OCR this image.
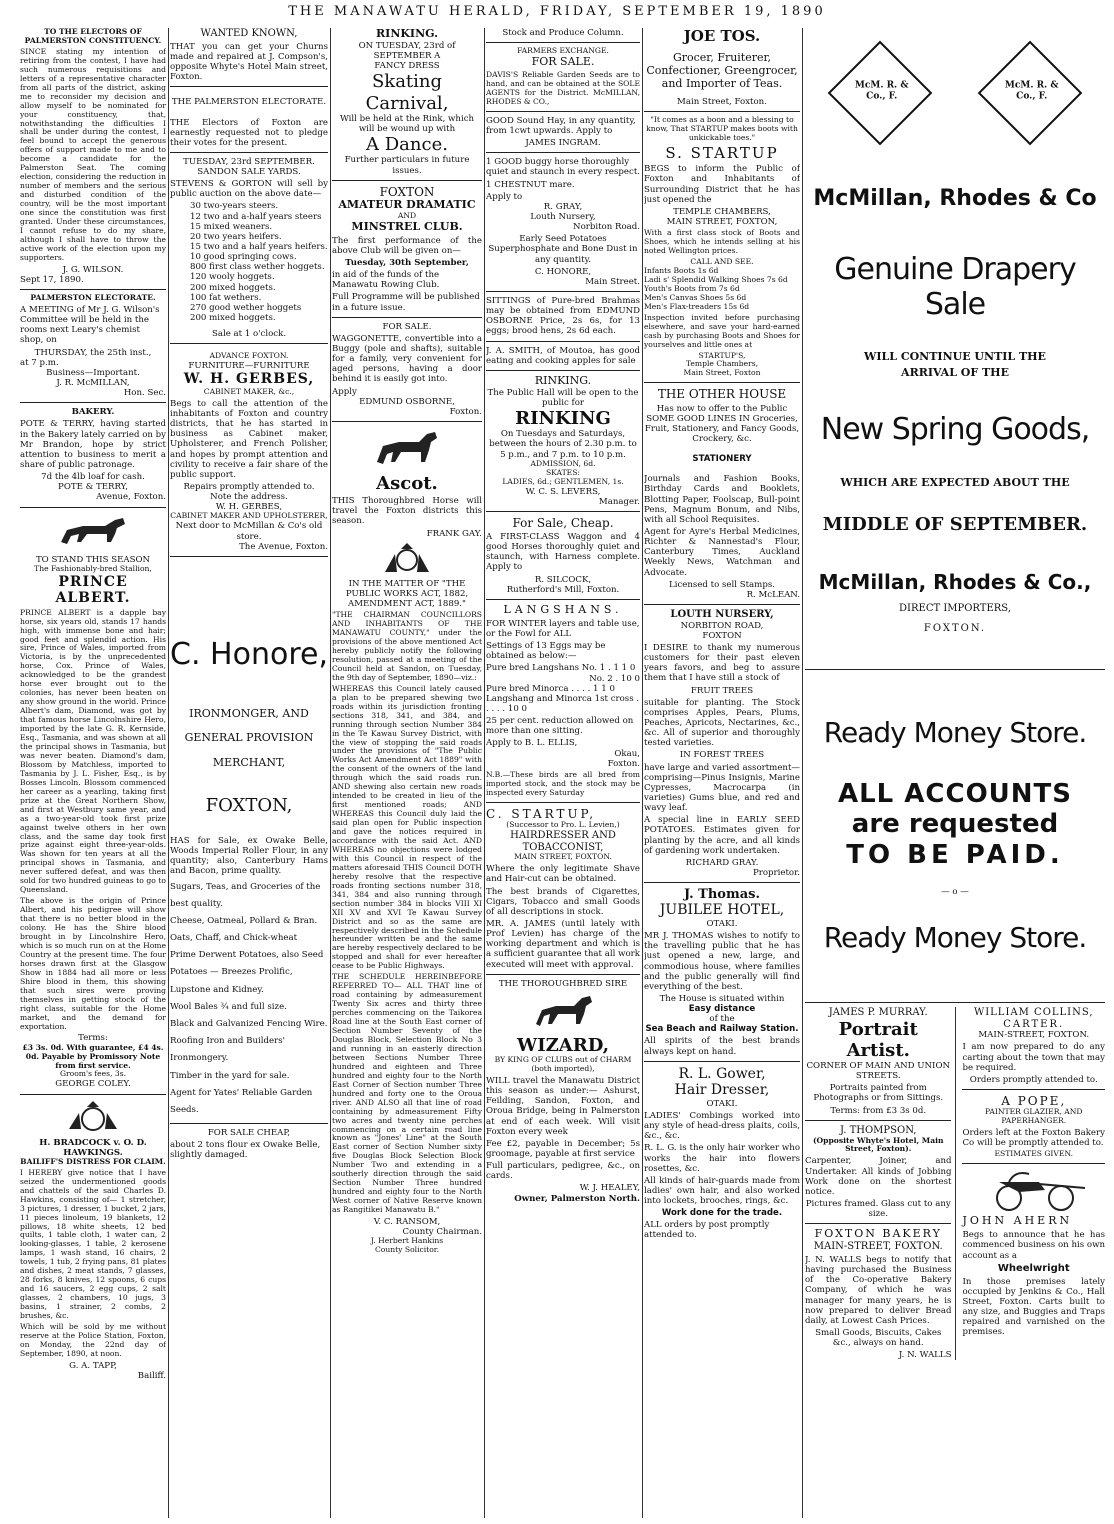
THE MANAWATU HERALD, FRIDAY, SEPTEMBER 19, 1890
TO THE ELECTORS OF PALMERSTON CONSTITUENCY.

SINCE stating my intention of retiring from the contest, I have had such numerous requisitions and letters of a representative character from all parts of the district, asking me to reconsider my decision and allow myself to be nominated for your constituency, that, notwithstanding the difficulties I shall be under during the contest, I feel bound to accept the generous offers of support made to me and to become a candidate for the Palmerston Seat. The coming election, considering the reduction in number of members and the serious and disturbed condition of the country, will be the most important one since the constitution was first granted. Under these circumstances, I cannot refuse to do my share, although I shall have to throw the active work of the election upon my supporters.

J. G. WILSON.
Sept 17, 1890.
PALMERSTON ELECTORATE.

A MEETING of Mr J. G. Wilson's Committee will be held in the rooms next Leary's chemist shop, on

THURSDAY, the 25th inst.,
at 7 p.m.
Business—Important.
J. R. McMILLAN,
Hon. Sec.
BAKERY.

POTE & TERRY, having started in the Bakery lately carried on by Mr Brandon, hope by strict attention to business to merit a share of public patronage.

7d the 4lb loaf for cash.
POTE & TERRY,
Avenue, Foxton.
TO STAND THIS SEASON
The Fashionably-bred Stallion,
PRINCE ALBERT.

PRINCE ALBERT is a dapple bay horse, six years old, stands 17 hands high, with immense bone and hair; good feet and splendid action. His sire, Prince of Wales, imported from Victoria, is by the unprecedented horse, Cox. Prince of Wales, acknowledged to be the grandest horse ever brought out to the colonies, has never been beaten on any show ground in the world. Prince Albert's dam, Diamond, was got by that famous horse Lincolnshire Hero, imported by the late G. R. Kernside, Esq., Tasmania, and was shown at all the principal shows in Tasmania, but was never beaten. Diamond's dam, Blossom by Matchless, imported to Tasmania by J. L. Fisher, Esq., is by Bosses Lincoln. Blossom commenced her career as a yearling, taking first prize at the Great Northern Show, and first at Westbury same year, and as a two-year-old took first prize against twelve others in her own class, and the same day took first prize against eight three-year-olds. Was shown for ten years at all the principal shows in Tasmania, and never suffered defeat, and was then sold for two hundred guineas to go to Queensland.

The above is the origin of Prince Albert, and his pedigree will show that there is no better blood in the colony. He has the Shire blood brought in by Lincolnshire Hero, which is so much run on at the Home Country at the present time. The four horses drawn first at the Glasgow Show in 1884 had all more or less Shire blood in them, this showing that such sires were proving themselves in getting stock of the right class, suitable for the Home market, and the demand for exportation.

Terms:
£3 3s. 0d. With guarantee, £4 4s. 0d. Payable by Promissory Note from first service.
Groom's fees, 3s.
GEORGE COLEY.
H. BRADCOCK v. O. D. HAWKINGS.
BAILIFF'S DISTRESS FOR CLAIM.

I HEREBY give notice that I have seized the undermentioned goods and chattels of the said Charles D. Hawkins, consisting of— 1 stretcher, 3 pictures, 1 dresser, 1 bucket, 2 jars, 11 pieces linoleum, 19 blankets, 12 pillows, 18 white sheets, 12 bed quilts, 1 table cloth, 1 water can, 2 looking-glasses, 1 table, 2 kerosene lamps, 1 wash stand, 16 chairs, 2 towels, 1 tub, 2 frying pans, 81 plates and dishes, 2 meat stands, 7 glasses, 28 forks, 8 knives, 12 spoons, 6 cups and 16 saucers, 2 egg cups, 2 salt glasses, 2 chambers, 10 jugs, 3 basins, 1 strainer, 2 combs, 2 brushes, &c.

Which will be sold by me without reserve at the Police Station, Foxton, on Monday, the 22nd day of September, 1890, at noon.

G. A. TAPP,
Bailiff.
WANTED KNOWN,

THAT you can get your Churns made and repaired at J. Compson's, opposite Whyte's Hotel Main street, Foxton.

THE PALMERSTON ELECTORATE.

THE Electors of Foxton are earnestly requested not to pledge their votes for the present.

TUESDAY, 23rd SEPTEMBER.
SANDON SALE YARDS.

STEVENS & GORTON will sell by public auction on the above date—

30 two-years steers.
12 two and a-half years steers
15 mixed weaners.
20 two years heifers.
15 two and a half years heifers.
10 good springing cows.
800 first class wether hoggets.
120 wooly hoggets.
200 mixed hoggets.
100 fat wethers.
270 good wether hoggets
200 mixed hoggets.
Sale at 1 o'clock.
ADVANCE FOXTON.
FURNITURE—FURNITURE
W. H. GERBES,
CABINET MAKER, &c.,

Begs to call the attention of the inhabitants of Foxton and country districts, that he has started in business as Cabinet maker, Upholsterer, and French Polisher, and hopes by prompt attention and civility to receive a fair share of the public support.

Repairs promptly attended to.
Note the address.
W. H. GERBES,
CABINET MAKER AND UPHOLSTERER,
Next door to McMillan & Co's old store.
The Avenue, Foxton.
C. Honore,
IRONMONGER, AND GENERAL PROVISION MERCHANT,
FOXTON,

HAS for Sale, ex Owake Belle, Woods Imperial Roller Flour, in any quantity; also, Canterbury Hams and Bacon, prime quality.

Sugars, Teas, and Groceries of the best quality.
Cheese, Oatmeal, Pollard & Bran.
Oats, Chaff, and Chick-wheat
Prime Derwent Potatoes, also Seed Potatoes — Breezes Prolific, Lupstone and Kidney.
Wool Bales ¾ and full size.
Black and Galvanized Fencing Wire.
Roofing Iron and Builders' Ironmongery.
Timber in the yard for sale.
Agent for Yates' Reliable Garden Seeds.
FOR SALE CHEAP,

about 2 tons flour ex Owake Belle, slightly damaged.

RINKING.
ON TUESDAY, 23rd of SEPTEMBER A
FANCY DRESS
Skating Carnival,
Will be held at the Rink, which will be wound up with
A Dance.
Further particulars in future issues.
FOXTON
AMATEUR DRAMATIC
AND
MINSTREL CLUB.

The first performance of the above Club will be given on—

Tuesday, 30th September,

in aid of the funds of the Manawatu Rowing Club.

Full Programme will be published in a future issue.

FOR SALE.

WAGGONETTE, convertible into a Buggy (pole and shafts), suitable for a family, very convenient for aged persons, having a door behind it is easily got into.

Apply
EDMUND OSBORNE,
Foxton.
Ascot.

THIS Thoroughbred Horse will travel the Foxton districts this season.

FRANK GAY.
IN THE MATTER OF "THE PUBLIC WORKS ACT, 1882, AMENDMENT ACT, 1889."

"THE CHAIRMAN COUNCILLORS AND INHABITANTS OF THE MANAWATU COUNTY," under the provisions of the above mentioned Act hereby publicly notify the following resolution, passed at a meeting of the Council held at Sandon, on Tuesday, the 9th day of September, 1890—viz.:

WHEREAS this Council lately caused a plan to be prepared shewing two roads within its jurisdiction fronting sections 318, 341, and 384, and running through section Number 384 in the Te Kawau Survey District, with the view of stopping the said roads under the provisions of "The Public Works Act Amendment Act 1889" with the consent of the owners of the land through which the said roads run. AND shewing also certain new roads intended to be created in lieu of the first mentioned roads; AND WHEREAS this Council duly laid the said plan open for Public inspection and gave the notices required in accordance with the said Act. AND WHEREAS no objections were lodged with this Council in respect of the matters aforesaid THIS Council DOTH hereby resolve that the respective roads fronting sections number 318, 341, 384 and also running through section number 384 in blocks VIII XI XII XV and XVI Te Kawau Survey District and so as the same are respectively described in the Schedule hereunder written be and the same are hereby respectively declared to be stopped and shall for ever hereafter cease to be Public Highways.

THE SCHEDULE HEREINBEFORE REFERRED TO— ALL THAT line of road containing by admeasurement Twenty Six acres and thirty three perches commencing on the Taikorea Road line at the South East corner of Section Number Seventy of the Douglas Block, Selection Block No 3 and running in an easterly direction between Sections Number Three hundred and eighteen and Three hundred and eighty four to the North East Corner of Section number Three hundred and forty one to the Oroua river. AND ALSO all that line of road containing by admeasurement Fifty two acres and twenty nine perches commencing on a certain road line known as "Jones' Line" at the South East corner of Section Number sixty five Douglas Block Selection Block Number Two and extending in a southerly direction through the said Section Number Three hundred hundred and eighty four to the North West corner of Native Reserve known as Rangitikei Manawatu B."

V. C. RANSOM,
County Chairman.
J. Herbert Hankins
County Solicitor.
Stock and Produce Column.
FARMERS EXCHANGE.
FOR SALE.

DAVIS'S Reliable Garden Seeds are to hand, and can be obtained at the SOLE AGENTS for the District. McMILLAN, RHODES & CO.,

GOOD Sound Hay, in any quantity, from 1cwt upwards. Apply to

JAMES INGRAM.

1 GOOD buggy horse thoroughly quiet and staunch in every respect.

1 CHESTNUT mare.

Apply to
R. GRAY,
Louth Nursery,
Norbiton Road.

Early Seed Potatoes Superphosphate and Bone Dust in any quantity.

C. HONORE,
Main Street.

SITTINGS of Pure-bred Brahmas may be obtained from EDMUND OSBORNE Price, 2s 6s, for 13 eggs; brood hens, 2s 6d each.

J. A. SMITH, of Moutoa, has good eating and cooking apples for sale

RINKING.
The Public Hall will be open to the public for
RINKING
On Tuesdays and Saturdays, between the hours of 2.30 p.m. to 5 p.m., and 7 p.m. to 10 p.m.
ADMISSION, 6d.
SKATES:
LADIES, 6d.; GENTLEMEN, 1s.
W. C. S. LEVERS,
Manager.
For Sale, Cheap.

A FIRST-CLASS Waggon and 4 good Horses thoroughly quiet and staunch, with Harness complete. Apply to

R. SILCOCK,
Rutherford's Mill, Foxton.
LANGSHANS.

FOR WINTER layers and table use, or the Fowl for ALL

Settings of 13 Eggs may be obtained as below:—

Pure bred Langshans No. 1 . 1 1 0
No. 2 . 10 0
Pure bred Minorca . . . . 1 1 0
Langshang and Minorca 1st cross . . . . . 10 0

25 per cent. reduction allowed on more than one sitting.

Apply to B. L. ELLIS,
Okau,
Foxton.

N.B.—These birds are all bred from imported stock, and the stock may be inspected every Saturday

C. STARTUP,
(Successor to Pro. L. Levien,)
HAIRDRESSER AND TOBACCONIST,
MAIN STREET, FOXTON.

Where the only legitimate Shave and Hair-cut can be obtained.

The best brands of Cigarettes, Cigars, Tobacco and small Goods of all descriptions in stock.

MR. A. JAMES (until lately with Prof Levien) has charge of the working department and which is a sufficient guarantee that all work executed will meet with approval.

THE THOROUGHBRED SIRE
WIZARD,
BY KING OF CLUBS out of CHARM (both imported),

WILL travel the Manawatu District this season as under:— Ashurst, Feilding, Sandon, Foxton, and Oroua Bridge, being in Palmerston at end of each week. Will visit Foxton every week

Fee £2, payable in December; 5s groomage, payable at first service

Full particulars, pedigree, &c., on cards.

W. J. HEALEY,
Owner, Palmerston North.
JOE TOS.
Grocer, Fruiterer, Confectioner, Greengrocer, and Importer of Teas.
Main Street, Foxton.

"It comes as a boon and a blessing to know, That STARTUP makes boots with unkickable toes."

S. STARTUP

BEGS to inform the Public of Foxton and Inhabitants of Surrounding District that he has just opened the

TEMPLE CHAMBERS,
MAIN STREET, FOXTON,

With a first class stock of Boots and Shoes, which he intends selling at his noted Wellington prices.

CALL AND SEE.
Infants Boots 1s 6d
Ladi s' Splendid Walking Shoes 7s 6d
Youth's Boots from 7s 6d
Men's Canvas Shoes 5s 6d
Men's Flax-treaders 15s 6d

Inspection invited before purchasing elsewhere, and save your hard-earned cash by purchasing Boots and Shoes for yourselves and little ones at

STARTUP'S,
Temple Chambers,
Main Street, Foxton
THE OTHER HOUSE

Has now to offer to the Public SOME GOOD LINES IN Groceries, Fruit, Stationery, and Fancy Goods, Crockery, &c.

STATIONERY

Journals and Fashion Books, Birthday Cards and Booklets, Blotting Paper, Foolscap, Bull-point Pens, Magnum Bonum, and Nibs, with all School Requisites.

Agent for Ayre's Herbal Medicines, Richter & Nannestad's Flour, Canterbury Times, Auckland Weekly News, Watchman and Advocate.

Licensed to sell Stamps.
R. McLEAN.
LOUTH NURSERY,
NORBITON ROAD,
FOXTON

I DESIRE to thank my numerous customers for their past eleven years favors, and beg to assure them that I have still a stock of

FRUIT TREES

suitable for planting. The Stock comprises Apples, Pears, Plums, Peaches, Apricots, Nectarines, &c., &c. All of superior and thoroughly tested varieties.

IN FOREST TREES

have large and varied assortment—comprising—Pinus Insignis, Marine Cypresses, Macrocarpa (in varieties) Gums blue, and red and wavy leaf.

A special line in EARLY SEED POTATOES. Estimates given for planting by the acre, and all kinds of gardening work undertaken.

RICHARD GRAY.
Proprietor.
J. Thomas.
JUBILEE HOTEL,
OTAKI.

MR J. THOMAS wishes to notify to the travelling public that he has just opened a new, large, and commodious house, where families and the public generally will find everything of the best.

The House is situated within
Easy distance
of the
Sea Beach and Railway Station.

All spirits of the best brands always kept on hand.

R. L. Gower,
Hair Dresser,
OTAKI.

LADIES' Combings worked into any style of head-dress plaits, coils, &c., &c.

R. L. G. is the only hair worker who works the hair into flowers rosettes, &c.

All kinds of hair-guards made from ladies' own hair, and also worked into lockets, brooches, rings, &c.

Work done for the trade.

ALL orders by post promptly attended to.

McM. R. & Co., F.
McM. R. & Co., F.
McMillan, Rhodes & Co
Genuine Drapery Sale
WILL CONTINUE UNTIL THE ARRIVAL OF THE
New Spring Goods,
WHICH ARE EXPECTED ABOUT THE
MIDDLE OF SEPTEMBER.
McMillan, Rhodes & Co.,
DIRECT IMPORTERS,
FOXTON.
Ready Money Store.
ALL ACCOUNTS
are requested
TO BE PAID.
— o —
Ready Money Store.
JAMES P. MURRAY.
Portrait Artist.
CORNER OF MAIN AND UNION STREETS.

Portraits painted from Photographs or from Sittings.

Terms: from £3 3s 0d.
J. THOMPSON,
(Opposite Whyte's Hotel, Main Street, Foxton).

Carpenter, Joiner, and Undertaker. All kinds of Jobbing Work done on the shortest notice.

Pictures framed. Glass cut to any size.

FOXTON BAKERY
MAIN-STREET, FOXTON.

J. N. WALLS begs to notify that having purchased the Business of the Co-operative Bakery Company, of which he was manager for many years, he is now prepared to deliver Bread daily, at Lowest Cash Prices.

Small Goods, Biscuits, Cakes &c., always on hand.

J. N. WALLS
WILLIAM COLLINS,
CARTER.
MAIN-STREET, FOXTON.

I am now prepared to do any carting about the town that may be required.

Orders promptly attended to.
A POPE,
PAINTER GLAZIER, AND PAPERHANGER.

Orders left at the Foxton Bakery Co will be promptly attended to.

ESTIMATES GIVEN.
JOHN AHERN

Begs to announce that he has commenced business on his own account as a

Wheelwright

In those premises lately occupied by Jenkins & Co., Hall Street, Foxton. Carts built to any size, and Buggies and Traps repaired and varnished on the premises.
